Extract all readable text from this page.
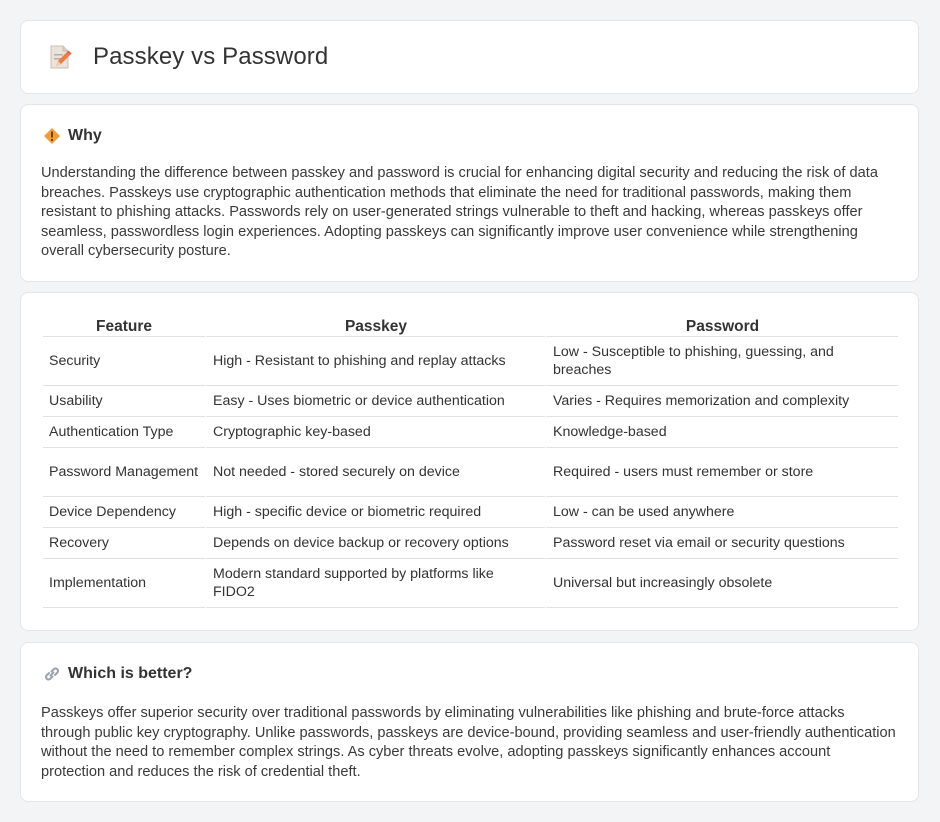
Passkey vs Password
Why

Understanding the difference between passkey and password is crucial for enhancing digital security and reducing the risk of data breaches. Passkeys use cryptographic authentication methods that eliminate the need for traditional passwords, making them resistant to phishing attacks. Passwords rely on user-generated strings vulnerable to theft and hacking, whereas passkeys offer seamless, passwordless login experiences. Adopting passkeys can significantly improve user convenience while strengthening overall cybersecurity posture.

Feature	Passkey	Password
Security	High - Resistant to phishing and replay attacks	Low - Susceptible to phishing, guessing, and breaches
Usability	Easy - Uses biometric or device authentication	Varies - Requires memorization and complexity
Authentication Type	Cryptographic key-based	Knowledge-based
Password Management	Not needed - stored securely on device	Required - users must remember or store
Device Dependency	High - specific device or biometric required	Low - can be used anywhere
Recovery	Depends on device backup or recovery options	Password reset via email or security questions
Implementation	Modern standard supported by platforms like FIDO2	Universal but increasingly obsolete
Which is better?

Passkeys offer superior security over traditional passwords by eliminating vulnerabilities like phishing and brute-force attacks through public key cryptography. Unlike passwords, passkeys are device-bound, providing seamless and user-friendly authentication without the need to remember complex strings. As cyber threats evolve, adopting passkeys significantly enhances account protection and reduces the risk of credential theft.
